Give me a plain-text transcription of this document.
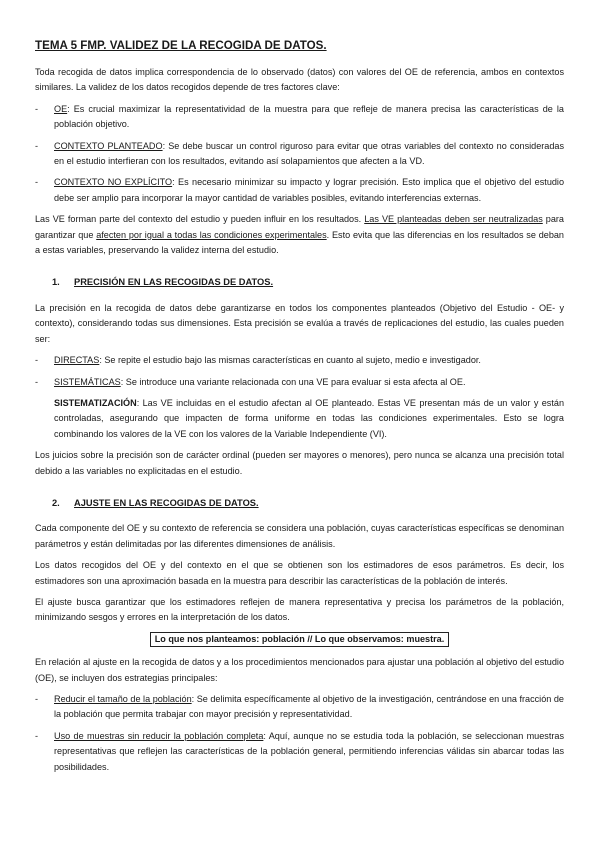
TEMA 5 FMP. VALIDEZ DE LA RECOGIDA DE DATOS.

Toda recogida de datos implica correspondencia de lo observado (datos) con valores del OE de referencia, ambos en contextos similares. La validez de los datos recogidos depende de tres factores clave:

- OE: Es crucial maximizar la representatividad de la muestra para que refleje de manera precisa las características de la población objetivo.
- CONTEXTO PLANTEADO: Se debe buscar un control riguroso para evitar que otras variables del contexto no consideradas en el estudio interfieran con los resultados, evitando así solapamientos que afecten a la VD.
- CONTEXTO NO EXPLÍCITO: Es necesario minimizar su impacto y lograr precisión. Esto implica que el objetivo del estudio debe ser amplio para incorporar la mayor cantidad de variables posibles, evitando interferencias externas.

Las VE forman parte del contexto del estudio y pueden influir en los resultados. Las VE planteadas deben ser neutralizadas para garantizar que afecten por igual a todas las condiciones experimentales. Esto evita que las diferencias en los resultados se deban a estas variables, preservando la validez interna del estudio.

1. PRECISIÓN EN LAS RECOGIDAS DE DATOS.

La precisión en la recogida de datos debe garantizarse en todos los componentes planteados (Objetivo del Estudio - OE- y contexto), considerando todas sus dimensiones. Esta precisión se evalúa a través de replicaciones del estudio, las cuales pueden ser:

- DIRECTAS: Se repite el estudio bajo las mismas características en cuanto al sujeto, medio e investigador.
- SISTEMÁTICAS: Se introduce una variante relacionada con una VE para evaluar si esta afecta al OE.
SISTEMATIZACIÓN: Las VE incluidas en el estudio afectan al OE planteado. Estas VE presentan más de un valor y están controladas, asegurando que impacten de forma uniforme en todas las condiciones experimentales. Esto se logra combinando los valores de la VE con los valores de la Variable Independiente (VI).

Los juicios sobre la precisión son de carácter ordinal (pueden ser mayores o menores), pero nunca se alcanza una precisión total debido a las variables no explicitadas en el estudio.

2. AJUSTE EN LAS RECOGIDAS DE DATOS.

Cada componente del OE y su contexto de referencia se considera una población, cuyas características específicas se denominan parámetros y están delimitadas por las diferentes dimensiones de análisis.

Los datos recogidos del OE y del contexto en el que se obtienen son los estimadores de esos parámetros. Es decir, los estimadores son una aproximación basada en la muestra para describir las características de la población de interés.

El ajuste busca garantizar que los estimadores reflejen de manera representativa y precisa los parámetros de la población, minimizando sesgos y errores en la interpretación de los datos.

Lo que nos planteamos: población // Lo que observamos: muestra.

En relación al ajuste en la recogida de datos y a los procedimientos mencionados para ajustar una población al objetivo del estudio (OE), se incluyen dos estrategias principales:

- Reducir el tamaño de la población: Se delimita específicamente al objetivo de la investigación, centrándose en una fracción de la población que permita trabajar con mayor precisión y representatividad.
- Uso de muestras sin reducir la población completa: Aquí, aunque no se estudia toda la población, se seleccionan muestras representativas que reflejen las características de la población general, permitiendo inferencias válidas sin abarcar todas las posibilidades.
